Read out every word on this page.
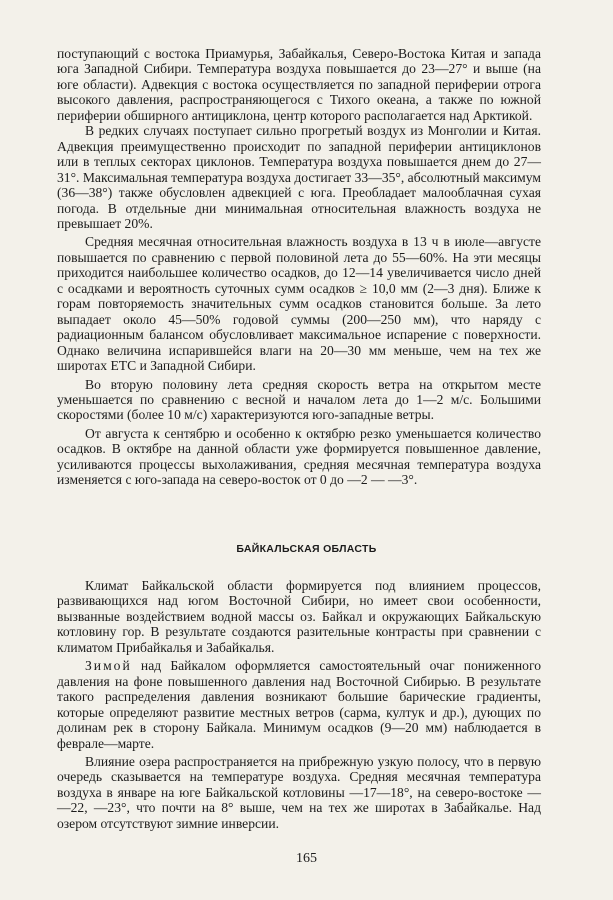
поступающий с востока Приамурья, Забайкалья, Северо-Востока Китая и запада юга Западной Сибири. Температура воздуха повышается до 23—27° и выше (на юге области). Адвекция с востока осуществляется по западной периферии отрога высокого давления, распространяющегося с Тихого океана, а также по южной периферии обширного антициклона, центр которого располагается над Арктикой.

В редких случаях поступает сильно прогретый воздух из Монголии и Китая. Адвекция преимущественно происходит по западной периферии антициклонов или в теплых секторах циклонов. Температура воздуха повышается днем до 27—31°. Максимальная температура воздуха достигает 33—35°, абсолютный максимум (36—38°) также обусловлен адвекцией с юга. Преобладает малооблачная сухая погода. В отдельные дни минимальная относительная влажность воздуха не превышает 20%.

Средняя месячная относительная влажность воздуха в 13 ч в июле—августе повышается по сравнению с первой половиной лета до 55—60%. На эти месяцы приходится наибольшее количество осадков, до 12—14 увеличивается число дней с осадками и вероятность суточных сумм осадков ≥ 10,0 мм (2—3 дня). Ближе к горам повторяемость значительных сумм осадков становится больше. За лето выпадает около 45—50% годовой суммы (200—250 мм), что наряду с радиационным балансом обусловливает максимальное испарение с поверхности. Однако величина испарившейся влаги на 20—30 мм меньше, чем на тех же широтах ЕТС и Западной Сибири.

Во вторую половину лета средняя скорость ветра на открытом месте уменьшается по сравнению с весной и началом лета до 1—2 м/с. Большими скоростями (более 10 м/с) характеризуются юго-западные ветры.

От августа к сентябрю и особенно к октябрю резко уменьшается количество осадков. В октябре на данной области уже формируется повышенное давление, усиливаются процессы выхолаживания, средняя месячная температура воздуха изменяется с юго-запада на северо-восток от 0 до —2 — —3°.

БАЙКАЛЬСКАЯ ОБЛАСТЬ

Климат Байкальской области формируется под влиянием процессов, развивающихся над югом Восточной Сибири, но имеет свои особенности, вызванные воздействием водной массы оз. Байкал и окружающих Байкальскую котловину гор. В результате создаются разительные контрасты при сравнении с климатом Прибайкалья и Забайкалья.

Зимой над Байкалом оформляется самостоятельный очаг пониженного давления на фоне повышенного давления над Восточной Сибирью. В результате такого распределения давления возникают большие барические градиенты, которые определяют развитие местных ветров (сарма, култук и др.), дующих по долинам рек в сторону Байкала. Минимум осадков (9—20 мм) наблюдается в феврале—марте.

Влияние озера распространяется на прибрежную узкую полосу, что в первую очередь сказывается на температуре воздуха. Средняя месячная температура воздуха в январе на юге Байкальской котловины —17—18°, на северо-востоке — —22, —23°, что почти на 8° выше, чем на тех же широтах в Забайкалье. Над озером отсутствуют зимние инверсии.

165
